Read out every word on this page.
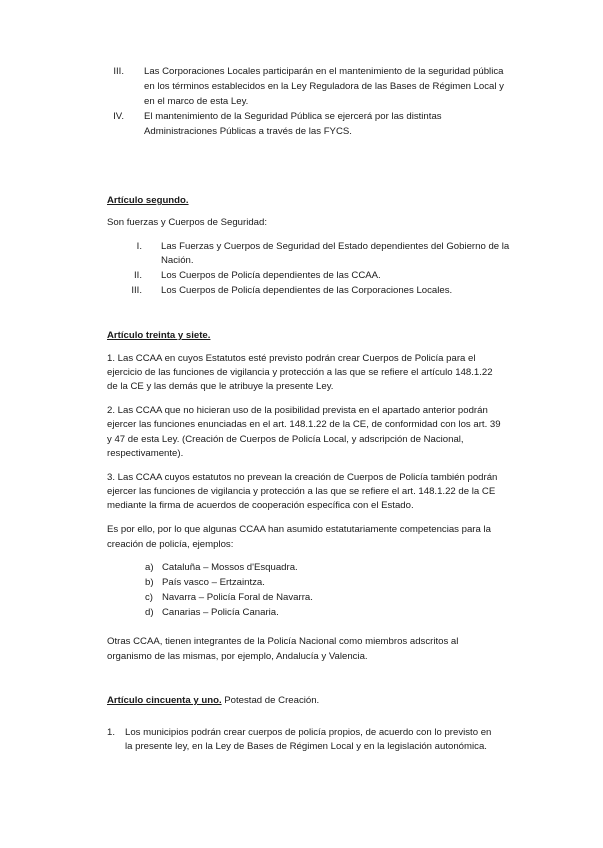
III. Las Corporaciones Locales participarán en el mantenimiento de la seguridad pública
en los términos establecidos en la Ley Reguladora de las Bases de Régimen Local y
en el marco de esta Ley.
IV. El mantenimiento de la Seguridad Pública se ejercerá por las distintas
Administraciones Públicas a través de las FYCS.
Artículo segundo.
Son fuerzas y Cuerpos de Seguridad:
I. Las Fuerzas y Cuerpos de Seguridad del Estado dependientes del Gobierno de la
Nación.
II. Los Cuerpos de Policía dependientes de las CCAA.
III. Los Cuerpos de Policía dependientes de las Corporaciones Locales.
Artículo treinta y siete.
1. Las CCAA en cuyos Estatutos esté previsto podrán crear Cuerpos de Policía para el
ejercicio de las funciones de vigilancia y protección a las que se refiere el artículo 148.1.22
de la CE y las demás que le atribuye la presente Ley.
2. Las CCAA que no hicieran uso de la posibilidad prevista en el apartado anterior podrán
ejercer las funciones enunciadas en el art. 148.1.22 de la CE, de conformidad con los art. 39
y 47 de esta Ley. (Creación de Cuerpos de Policía Local, y adscripción de Nacional,
respectivamente).
3. Las CCAA cuyos estatutos no prevean la creación de Cuerpos de Policía también podrán
ejercer las funciones de vigilancia y protección a las que se refiere el art. 148.1.22 de la CE
mediante la firma de acuerdos de cooperación específica con el Estado.
Es por ello, por lo que algunas CCAA han asumido estatutariamente competencias para la
creación de policía, ejemplos:
a) Cataluña – Mossos d'Esquadra.
b) País vasco – Ertzaintza.
c) Navarra – Policía Foral de Navarra.
d) Canarias – Policía Canaria.
Otras CCAA, tienen integrantes de la Policía Nacional como miembros adscritos al
organismo de las mismas, por ejemplo, Andalucía y Valencia.
Artículo cincuenta y uno. Potestad de Creación.
1. Los municipios podrán crear cuerpos de policía propios, de acuerdo con lo previsto en
la presente ley, en la Ley de Bases de Régimen Local y en la legislación autonómica.
